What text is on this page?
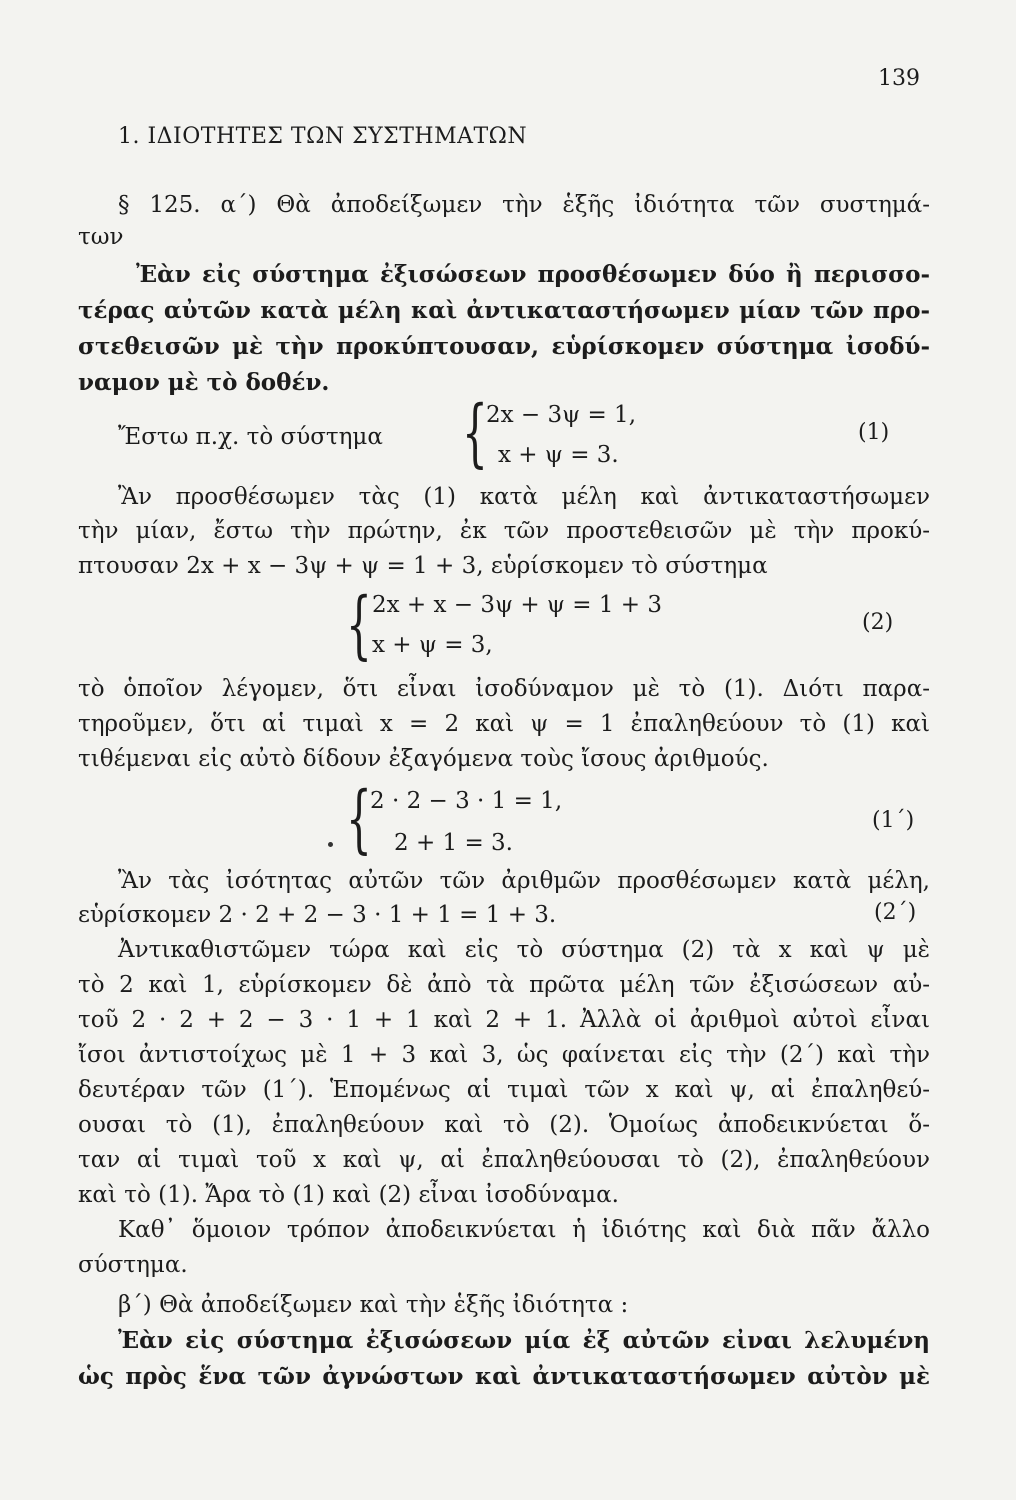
139
1. ΙΔΙΟΤΗΤΕΣ ΤΩΝ ΣΥΣΤΗΜΑΤΩΝ
§ 125. α΄) Θὰ ἀποδείξωμεν τὴν ἑξῆς ἰδιότητα τῶν συστημά-
των
Ἐὰν εἰς σύστημα ἐξισώσεων προσθέσωμεν δύο ἢ περισσο-
τέρας αὐτῶν κατὰ μέλη καὶ ἀντικαταστήσωμεν μίαν τῶν προ-
στεθεισῶν μὲ τὴν προκύπτουσαν, εὑρίσκομεν σύστημα ἰσοδύ-
ναμον μὲ τὸ δοθέν.
Ἔστω π.χ. τὸ σύστημα	{
2x − 3ψ = 1,
x + ψ = 3.
(1)
Ἂν προσθέσωμεν τὰς (1) κατὰ μέλη καὶ ἀντικαταστήσωμεν
τὴν μίαν, ἔστω τὴν πρώτην, ἐκ τῶν προστεθεισῶν μὲ τὴν προκύ-
πτουσαν 2x + x − 3ψ + ψ = 1 + 3, εὑρίσκομεν τὸ σύστημα
{ 2x + x − 3ψ + ψ = 1 + 3
x + ψ = 3,
(2)
τὸ ὁποῖον λέγομεν, ὅτι εἶναι ἰσοδύναμον μὲ τὸ (1). Διότι παρα-
τηροῦμεν, ὅτι αἱ τιμαὶ x = 2 καὶ ψ = 1 ἐπαληθεύουν τὸ (1) καὶ
τιθέμεναι εἰς αὐτὸ δίδουν ἐξαγόμενα τοὺς ἴσους ἀριθμούς.
{
2 · 2 − 3 · 1 = 1,
2 + 1 = 3.
(1΄)
Ἂν τὰς ἰσότητας αὐτῶν τῶν ἀριθμῶν προσθέσωμεν κατὰ μέλη,
εὑρίσκομεν 2 · 2 + 2 − 3 · 1 + 1 = 1 + 3.	(2΄)
Ἀντικαθιστῶμεν τώρα καὶ εἰς τὸ σύστημα (2) τὰ x καὶ ψ μὲ
τὸ 2 καὶ 1, εὑρίσκομεν δὲ ἀπὸ τὰ πρῶτα μέλη τῶν ἐξισώσεων αὐ-
τοῦ 2 · 2 + 2 − 3 · 1 + 1 καὶ 2 + 1. Ἀλλὰ οἱ ἀριθμοὶ αὐτοὶ εἶναι
ἴσοι ἀντιστοίχως μὲ 1 + 3 καὶ 3, ὡς φαίνεται εἰς τὴν (2΄) καὶ τὴν
δευτέραν τῶν (1΄). Ἑπομένως αἱ τιμαὶ τῶν x καὶ ψ, αἱ ἐπαληθεύ-
ουσαι τὸ (1), ἐπαληθεύουν καὶ τὸ (2). Ὁμοίως ἀποδεικνύεται ὅ-
ταν αἱ τιμαὶ τοῦ x καὶ ψ, αἱ ἐπαληθεύουσαι τὸ (2), ἐπαληθεύουν
καὶ τὸ (1). Ἄρα τὸ (1) καὶ (2) εἶναι ἰσοδύναμα.
Καθ᾽ ὅμοιον τρόπον ἀποδεικνύεται ἡ ἰδιότης καὶ διὰ πᾶν ἄλλο
σύστημα.
β΄) Θὰ ἀποδείξωμεν καὶ τὴν ἑξῆς ἰδιότητα :
Ἐὰν εἰς σύστημα ἐξισώσεων μία ἐξ αὐτῶν εἰναι λελυμένη
ὡς πρὸς ἕνα τῶν ἀγνώστων καὶ ἀντικαταστήσωμεν αὐτὸν μὲ
